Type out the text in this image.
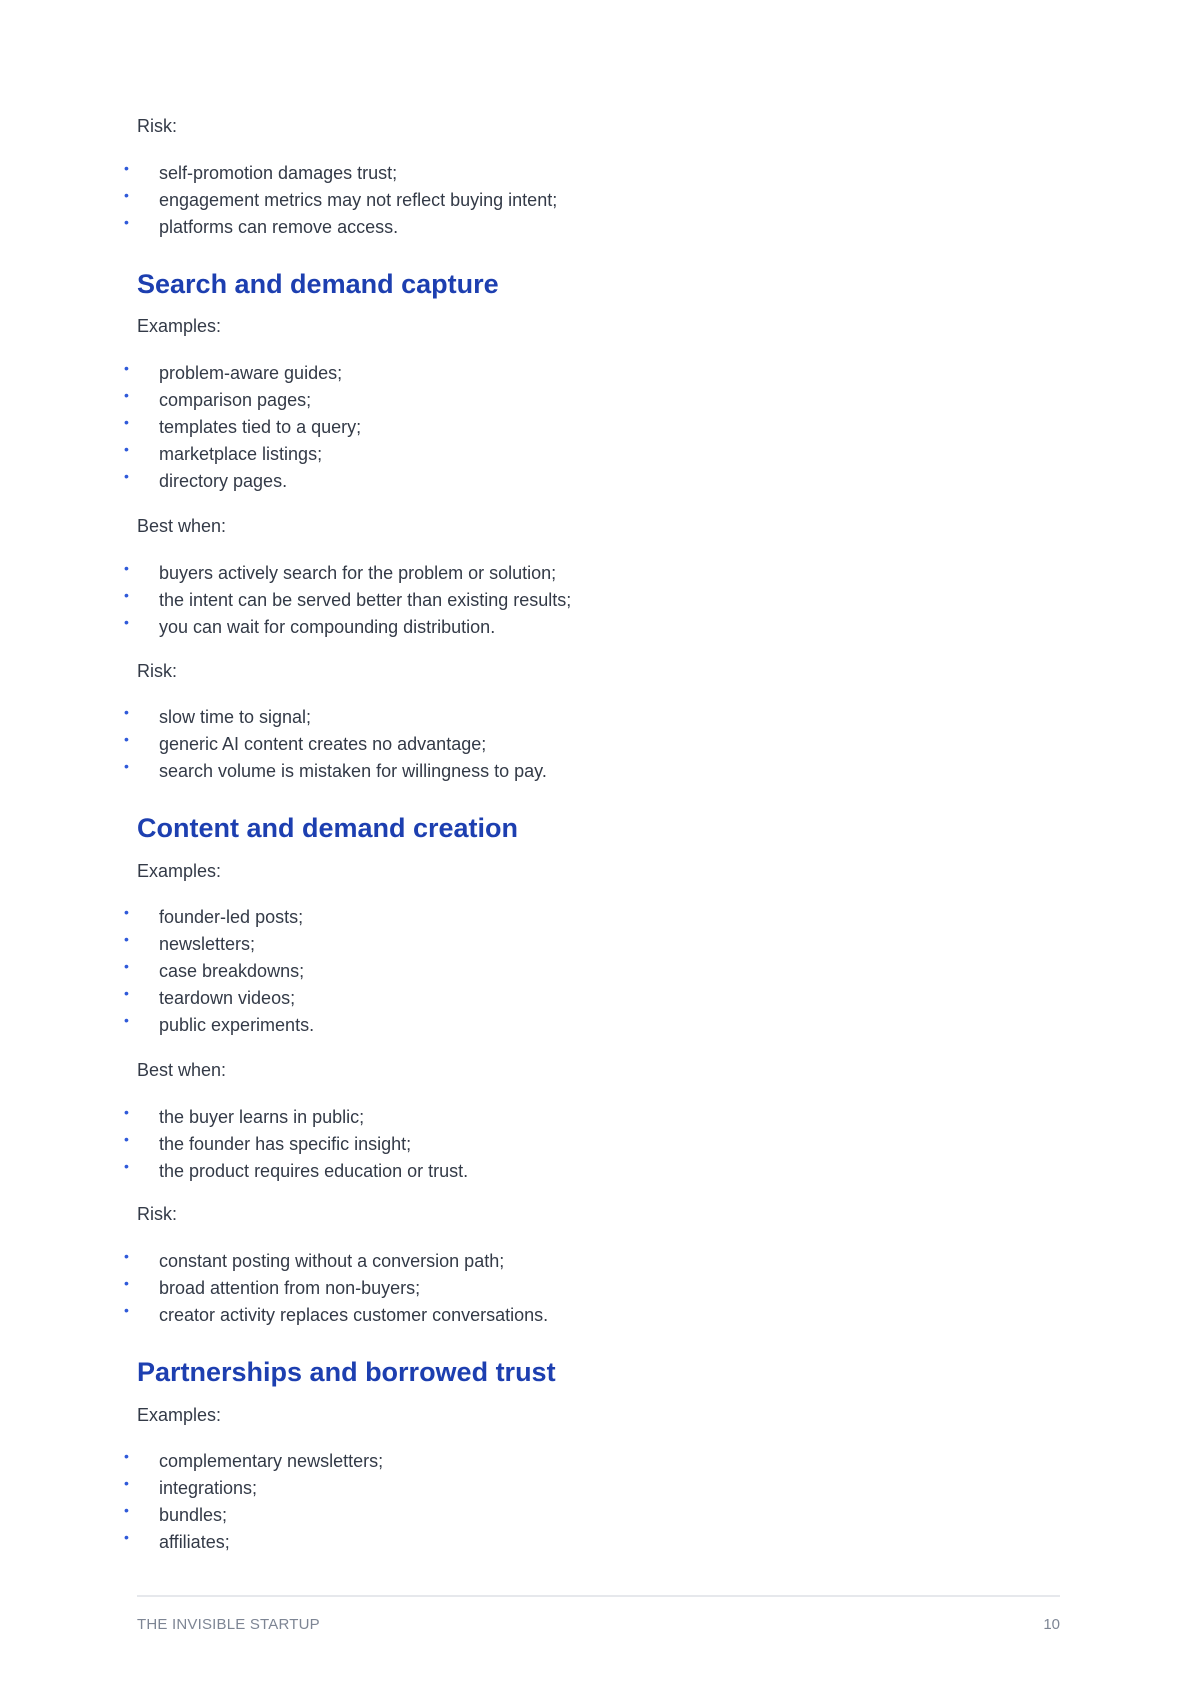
Risk:

• self-promotion damages trust;
• engagement metrics may not reflect buying intent;
• platforms can remove access.
Search and demand capture

Examples:

• problem-aware guides;
• comparison pages;
• templates tied to a query;
• marketplace listings;
• directory pages.

Best when:

• buyers actively search for the problem or solution;
• the intent can be served better than existing results;
• you can wait for compounding distribution.

Risk:

• slow time to signal;
• generic AI content creates no advantage;
• search volume is mistaken for willingness to pay.
Content and demand creation

Examples:

• founder-led posts;
• newsletters;
• case breakdowns;
• teardown videos;
• public experiments.

Best when:

• the buyer learns in public;
• the founder has specific insight;
• the product requires education or trust.

Risk:

• constant posting without a conversion path;
• broad attention from non-buyers;
• creator activity replaces customer conversations.
Partnerships and borrowed trust

Examples:

• complementary newsletters;
• integrations;
• bundles;
• affiliates;
THE INVISIBLE STARTUP	10
